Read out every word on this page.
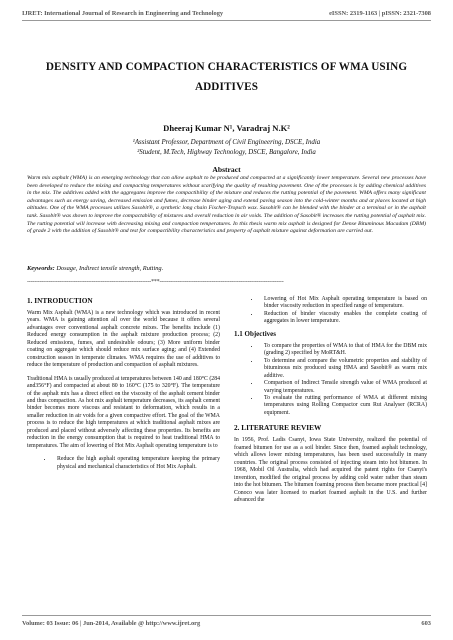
IJRET: International Journal of Research in Engineering and Technology	eISSN: 2319-1163 | pISSN: 2321-7308
DENSITY AND COMPACTION CHARACTERISTICS OF WMA USING ADDITIVES
Dheeraj Kumar N¹, Varadraj N.K²
¹Assistant Professor, Department of Civil Engineering, DSCE, India
²Student, M.Tech, Highway Technology, DSCE, Bangalore, India
Abstract
Warm mix asphalt (WMA) is an emerging technology that can allow asphalt to be produced and compacted at a significantly lower temperature. Several new processes have been developed to reduce the mixing and compacting temperatures without scarifying the quality of resulting pavement. One of the processes is by adding chemical additives in the mix. The additives added with the aggregates improve the compactibility of the mixture and reduces the rutting potential of the pavement. WMA offers many significant advantages such as energy saving, decreased emission and fumes, decrease binder aging and extend paving season into the cold-winter months and at places located at high altitudes. One of the WMA processes utilizes Sasobit®, a synthetic long chain Fischer-Tropsch wax. Sasobit® can be blended with the binder at a terminal or in the asphalt tank. Sasobit® was shown to improve the compactability of mixtures and overall reduction in air voids. The addition of Sasobit® increases the rutting potential of asphalt mix. The rutting potential will increase with decreasing mixing and compaction temperatures. In this thesis warm mix asphalt is designed for Dense Bituminous Macadam (DBM) of grade 2 with the addition of Sasobit® and test for compactibility characteristics and property of asphalt mixture against deformation are carried out.
Keywords: Dosage, Indirect tensile strength, Rutting.
---------------------------------------------------------------------***---------------------------------------------------------------------
1. INTRODUCTION

Warm Mix Asphalt (WMA) is a new technology which was introduced in recent years. WMA is gaining attention all over the world because it offers several advantages over conventional asphalt concrete mixes. The benefits include (1) Reduced energy consumption in the asphalt mixture production process; (2) Reduced emissions, fumes, and undesirable odours; (3) More uniform binder coating on aggregate which should reduce mix surface aging; and (4) Extended construction season in temperate climates. WMA requires the use of additives to reduce the temperature of production and compaction of asphalt mixtures.

Traditional HMA is usually produced at temperatures between 140 and 180°C (284 and356°F) and compacted at about 80 to 160°C (175 to 320°F). The temperature of the asphalt mix has a direct effect on the viscosity of the asphalt cement binder and thus compaction. As hot mix asphalt temperature decreases, its asphalt cement binder becomes more viscous and resistant to deformation, which results in a smaller reduction in air voids for a given compactive effort. The goal of the WMA process is to reduce the high temperatures at which traditional asphalt mixes are produced and placed without adversely affecting these properties. Its benefits are reduction in the energy consumption that is required to heat traditional HMA to temperatures. The aim of lowering of Hot Mix Asphalt operating temperature is to

• Reduce the high asphalt operating temperature keeping the primary physical and mechanical characteristics of Hot Mix Asphalt.
• Lowering of Hot Mix Asphalt operating temperature is based on binder viscosity reduction in specified range of temperature.
• Reduction of binder viscosity enables the complete coating of aggregates in lower temperature.
1.1 Objectives
• To compare the properties of WMA to that of HMA for the DBM mix (grading 2) specified by MoRT&H.
• To determine and compare the volumetric properties and stability of bituminous mix produced using HMA and Sasobit® as warm mix additive.
• Comparison of Indirect Tensile strength value of WMA produced at varying temperatures.
• To evaluate the rutting performance of WMA at different mixing temperatures using Rolling Compactor cum Rut Analyser (RCRA) equipment.
2. LITERATURE REVIEW

In 1956, Prof. Ladis Csanyi, Iowa State University, realized the potential of foamed bitumen for use as a soil binder. Since then, foamed asphalt technology, which allows lower mixing temperatures, has been used successfully in many countries. The original process consisted of injecting steam into hot bitumen. In 1968, Mobil Oil Australia, which had acquired the patent rights for Csanyi's invention, modified the original process by adding cold water rather than steam into the hot bitumen. The bitumen foaming process then became more practical [4] Conoco was later licensed to market foamed asphalt in the U.S. and further advanced the

Volume: 03 Issue: 06 | Jun-2014, Available @ http://www.ijret.org	603
